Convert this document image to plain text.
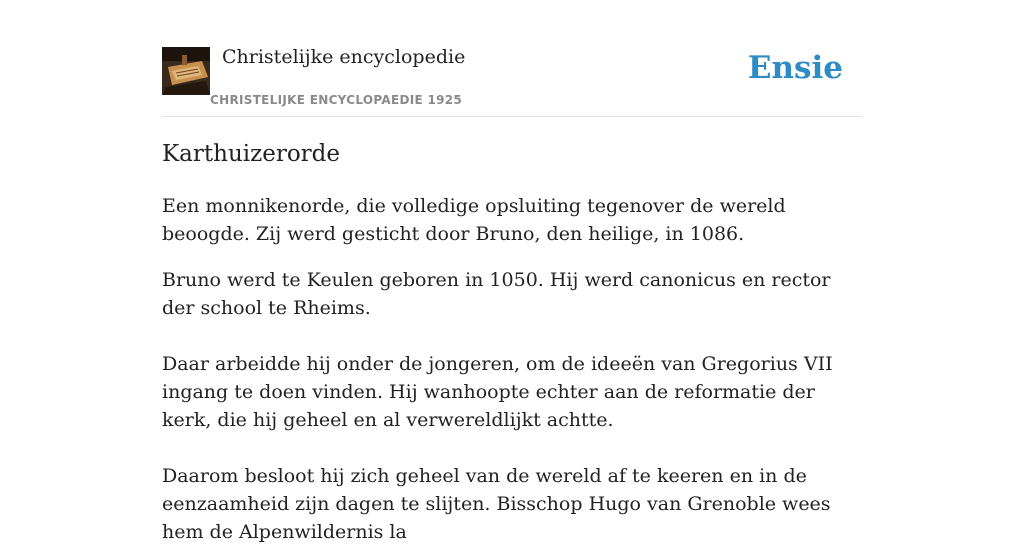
Christelijke encyclopedie
CHRISTELIJKE ENCYCLOPAEDIE 1925
Ensie
Karthuizerorde

Een monnikenorde, die volledige opsluiting tegenover de wereld beoogde. Zij werd gesticht door Bruno, den heilige, in 1086.

Bruno werd te Keulen geboren in 1050. Hij werd canonicus en rector der school te Rheims.

Daar arbeidde hij onder de jongeren, om de ideeën van Gregorius VII ingang te doen vinden. Hij wanhoopte echter aan de reformatie der kerk, die hij geheel en al verwereldlijkt achtte.

Daarom besloot hij zich geheel van de wereld af te keeren en in de eenzaamheid zijn dagen te slijten. Bisschop Hugo van Grenoble wees hem de Alpenwildernis la
